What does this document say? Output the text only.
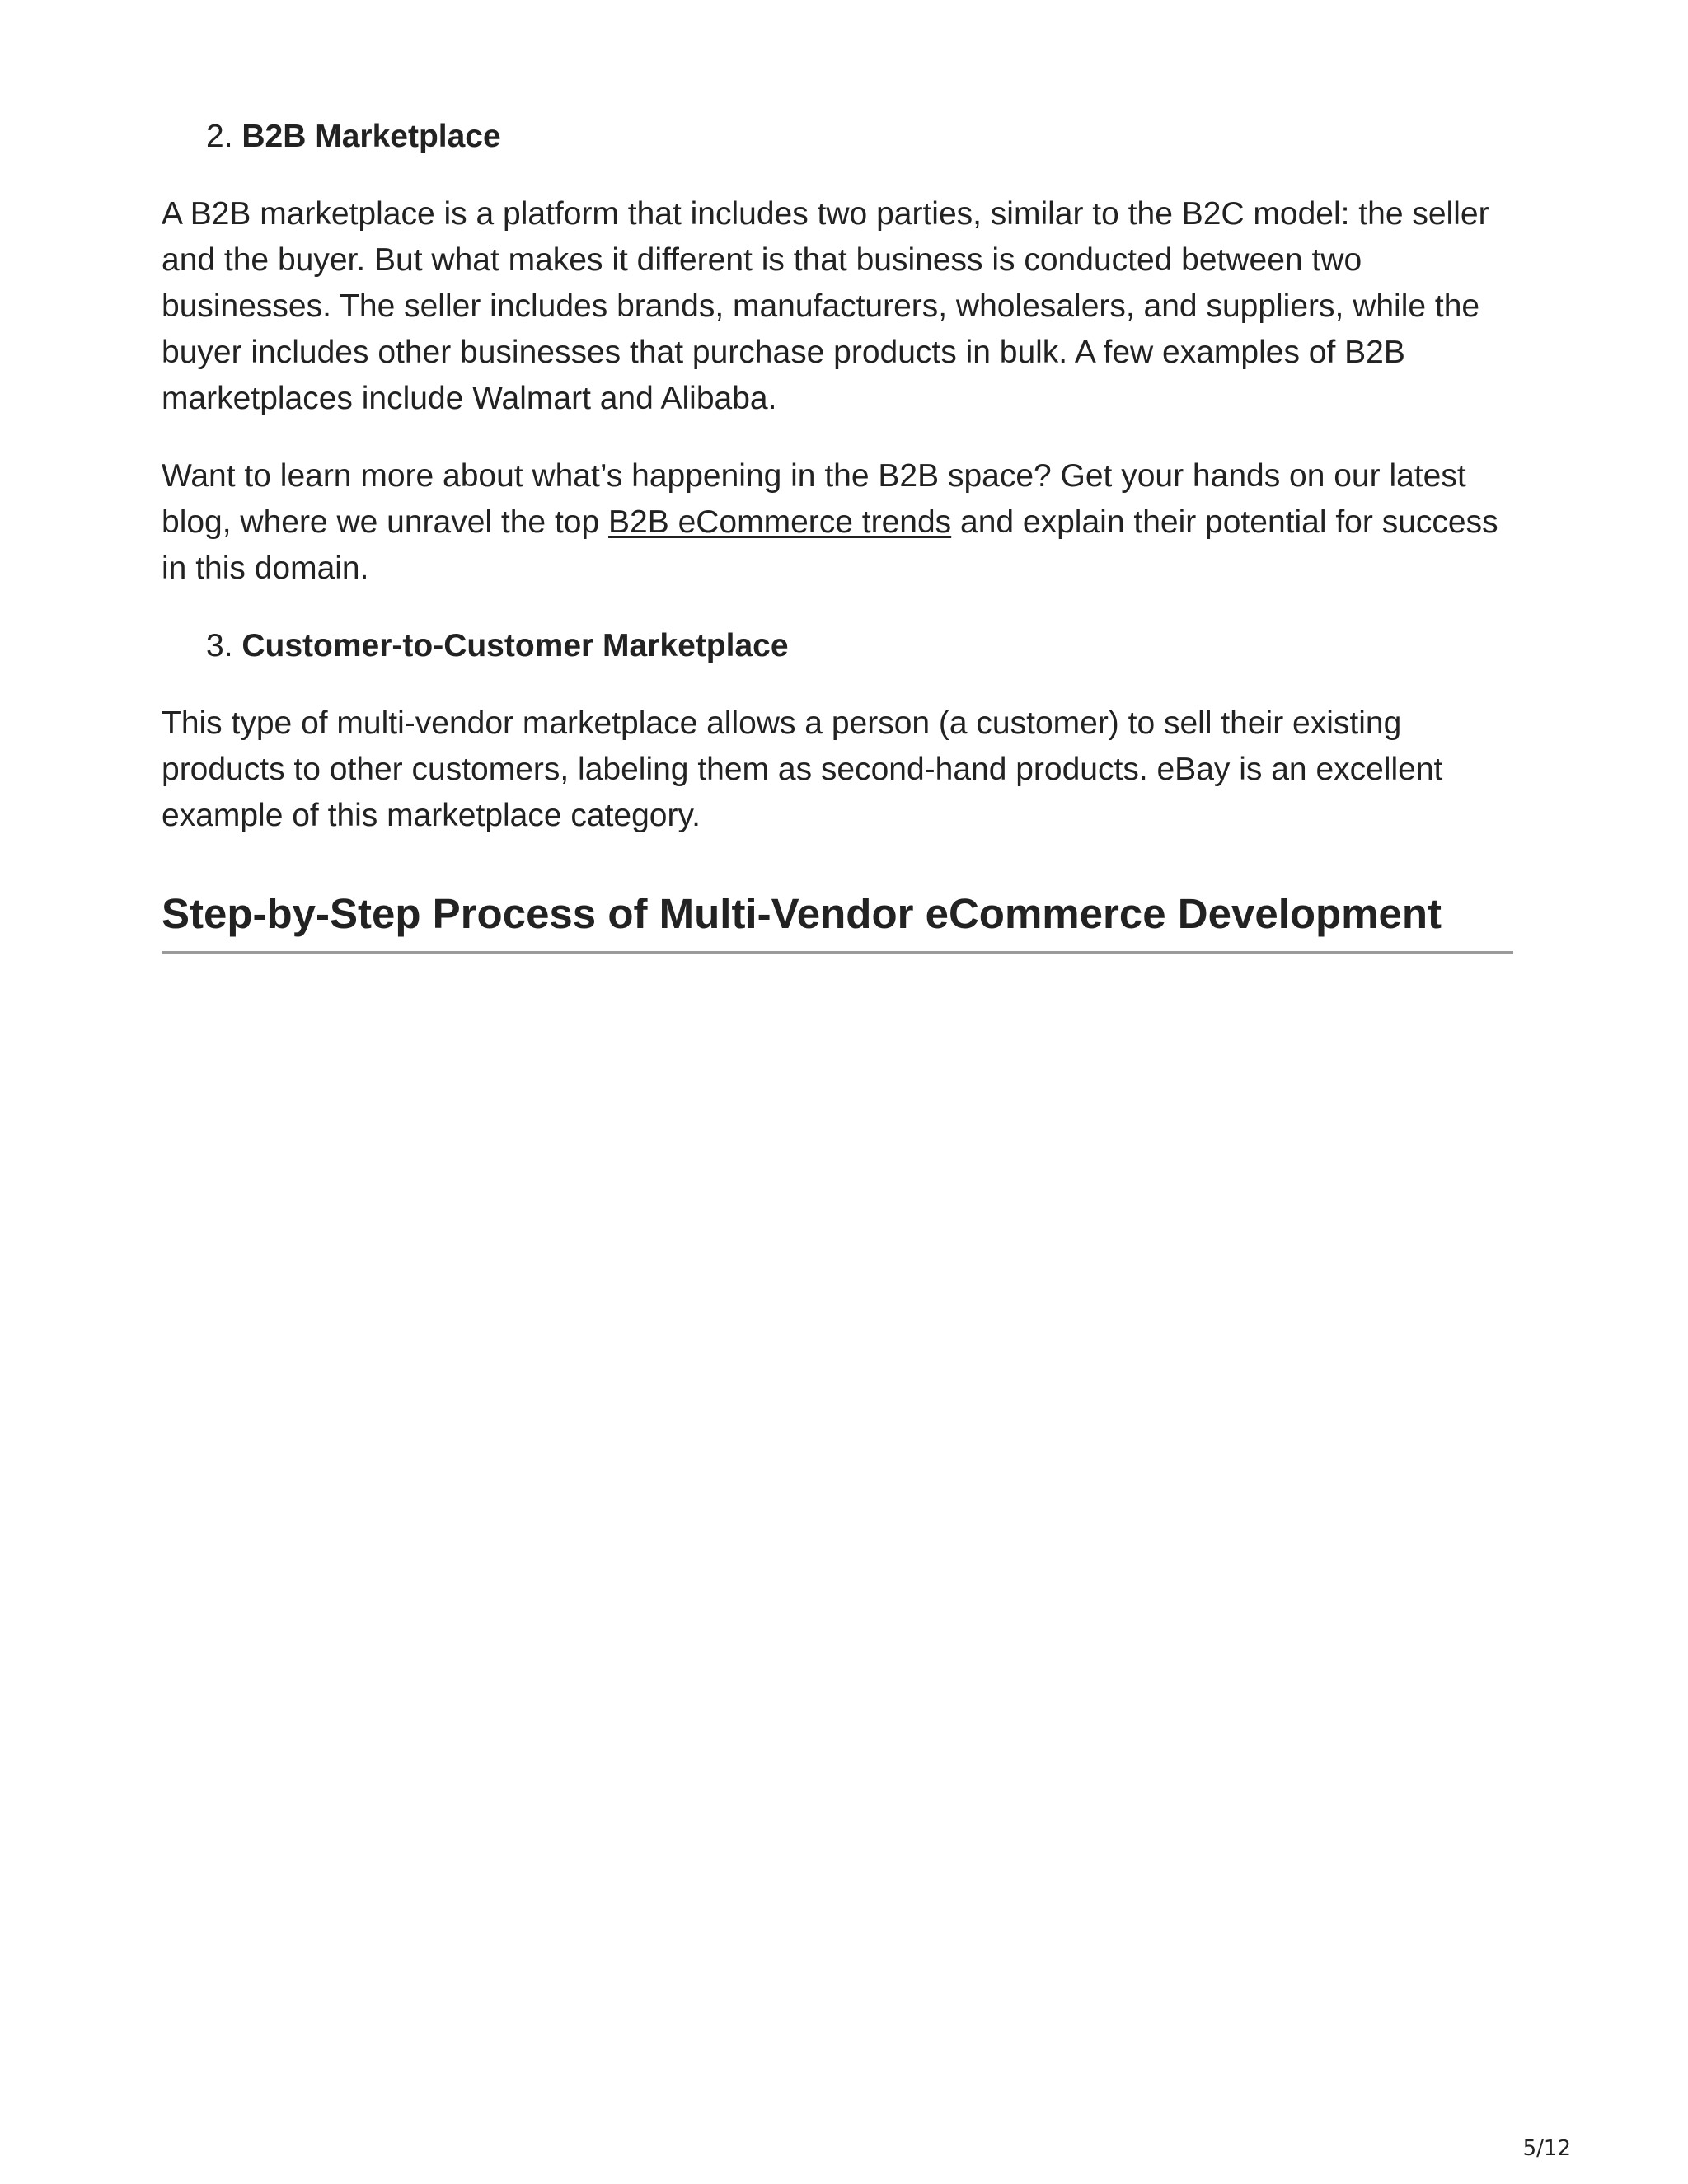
2. B2B Marketplace

A B2B marketplace is a platform that includes two parties, similar to the B2C model: the seller and the buyer. But what makes it different is that business is conducted between two businesses. The seller includes brands, manufacturers, wholesalers, and suppliers, while the buyer includes other businesses that purchase products in bulk. A few examples of B2B marketplaces include Walmart and Alibaba.

Want to learn more about what’s happening in the B2B space? Get your hands on our latest blog, where we unravel the top B2B eCommerce trends and explain their potential for success in this domain.

3. Customer-to-Customer Marketplace

This type of multi-vendor marketplace allows a person (a customer) to sell their existing products to other customers, labeling them as second-hand products. eBay is an excellent example of this marketplace category.

Step-by-Step Process of Multi-Vendor eCommerce Development
5/12
